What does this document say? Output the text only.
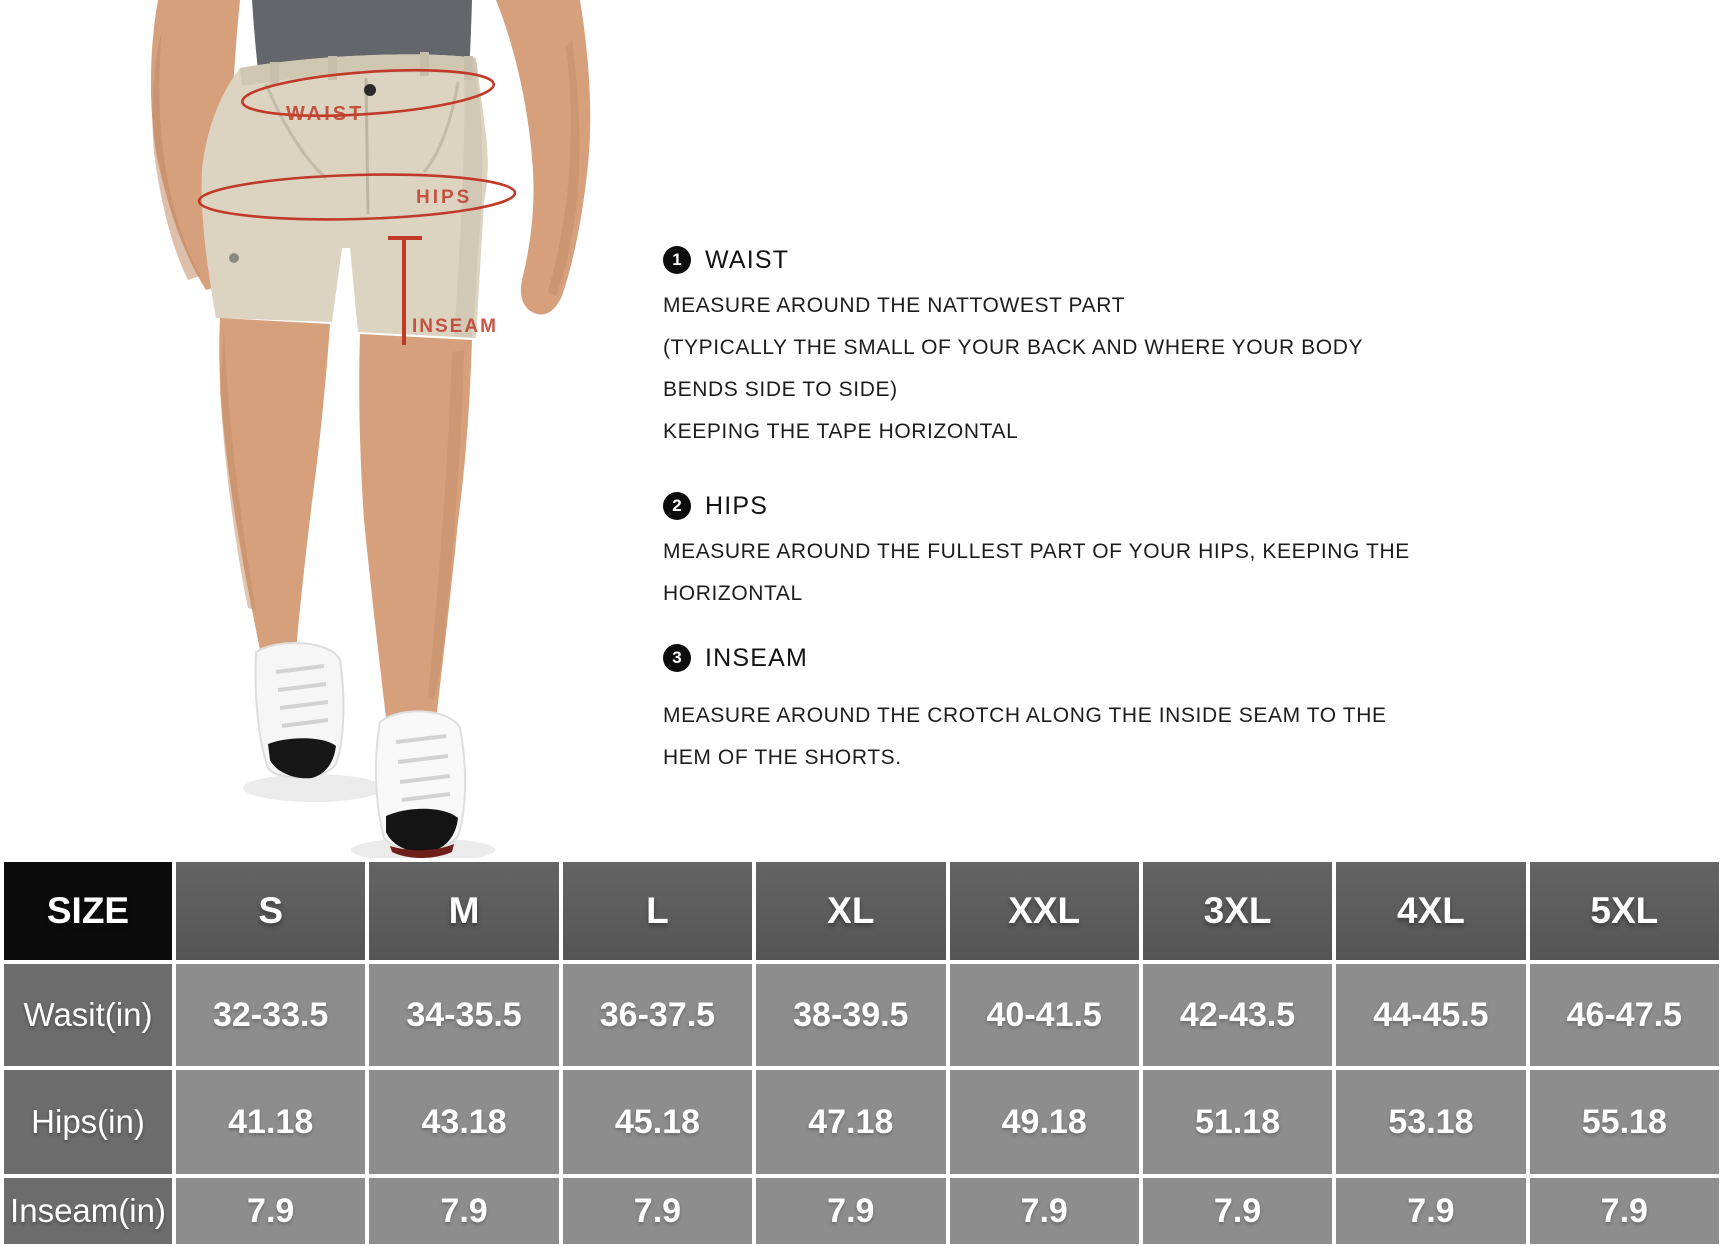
WAIST
HIPS
INSEAM
1 WAIST
MEASURE AROUND THE NATTOWEST PART
(TYPICALLY THE SMALL OF YOUR BACK AND WHERE YOUR BODY
BENDS SIDE TO SIDE)
KEEPING THE TAPE HORIZONTAL
2 HIPS
MEASURE AROUND THE FULLEST PART OF YOUR HIPS, KEEPING THE
HORIZONTAL
3 INSEAM
MEASURE AROUND THE CROTCH ALONG THE INSIDE SEAM TO THE
HEM OF THE SHORTS.
SIZE	S	M	L	XL	XXL	3XL	4XL	5XL
Wasit(in)	32-33.5	34-35.5	36-37.5	38-39.5	40-41.5	42-43.5	44-45.5	46-47.5
Hips(in)	41.18	43.18	45.18	47.18	49.18	51.18	53.18	55.18
Inseam(in)	7.9	7.9	7.9	7.9	7.9	7.9	7.9	7.9
